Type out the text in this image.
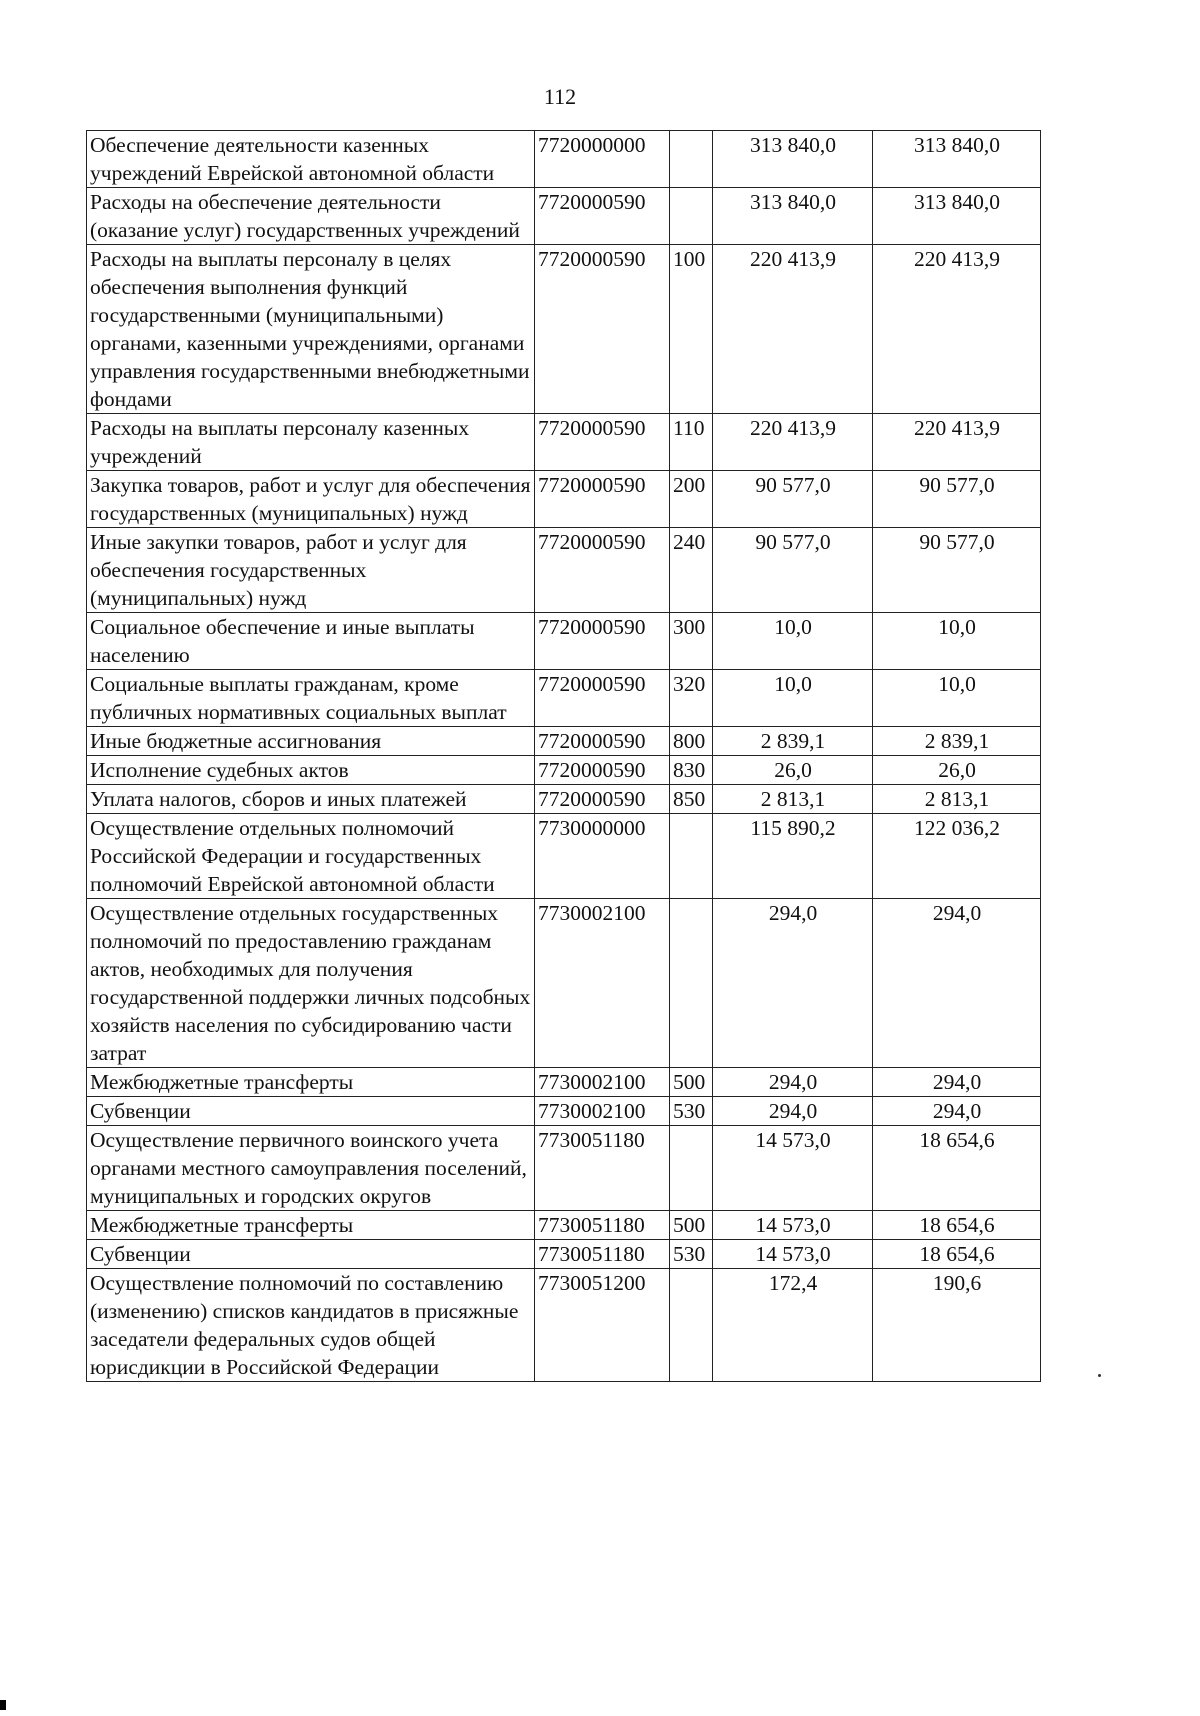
112
Обеспечение деятельности казенных учреждений Еврейской автономной области	7720000000		313 840,0	313 840,0
Расходы на обеспечение деятельности (оказание услуг) государственных учреждений	7720000590		313 840,0	313 840,0
Расходы на выплаты персоналу в целях обеспечения выполнения функций государственными (муниципальными) органами, казенными учреждениями, органами управления государственными внебюджетными фондами	7720000590	100	220 413,9	220 413,9
Расходы на выплаты персоналу казенных учреждений	7720000590	110	220 413,9	220 413,9
Закупка товаров, работ и услуг для обеспечения государственных (муниципальных) нужд	7720000590	200	90 577,0	90 577,0
Иные закупки товаров, работ и услуг для обеспечения государственных (муниципальных) нужд	7720000590	240	90 577,0	90 577,0
Социальное обеспечение и иные выплаты населению	7720000590	300	10,0	10,0
Социальные выплаты гражданам, кроме публичных нормативных социальных выплат	7720000590	320	10,0	10,0
Иные бюджетные ассигнования	7720000590	800	2 839,1	2 839,1
Исполнение судебных актов	7720000590	830	26,0	26,0
Уплата налогов, сборов и иных платежей	7720000590	850	2 813,1	2 813,1
Осуществление отдельных полномочий Российской Федерации и государственных полномочий Еврейской автономной области	7730000000		115 890,2	122 036,2
Осуществление отдельных государственных полномочий по предоставлению гражданам актов, необходимых для получения государственной поддержки личных подсобных хозяйств населения по субсидированию части затрат	7730002100		294,0	294,0
Межбюджетные трансферты	7730002100	500	294,0	294,0
Субвенции	7730002100	530	294,0	294,0
Осуществление первичного воинского учета органами местного самоуправления поселений, муниципальных и городских округов	7730051180		14 573,0	18 654,6
Межбюджетные трансферты	7730051180	500	14 573,0	18 654,6
Субвенции	7730051180	530	14 573,0	18 654,6
Осуществление полномочий по составлению (изменению) списков кандидатов в присяжные заседатели федеральных судов общей юрисдикции в Российской Федерации	7730051200		172,4	190,6
